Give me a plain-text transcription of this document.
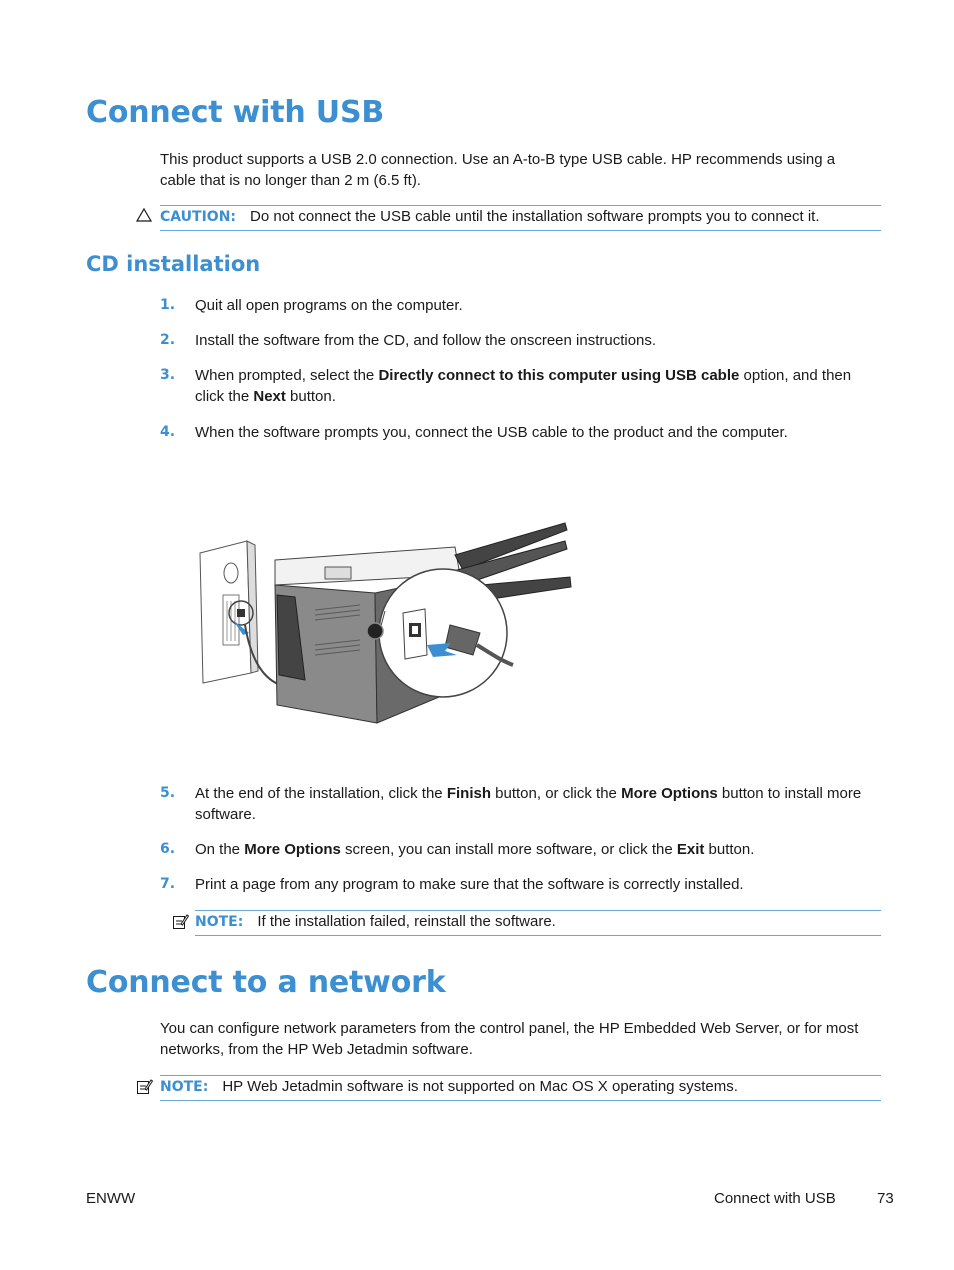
Connect with USB

This product supports a USB 2.0 connection. Use an A-to-B type USB cable. HP recommends using a cable that is no longer than 2 m (6.5 ft).

CAUTION: Do not connect the USB cable until the installation software prompts you to connect it.
CD installation
1. Quit all open programs on the computer.
2. Install the software from the CD, and follow the onscreen instructions.
3. When prompted, select the Directly connect to this computer using USB cable option, and then click the Next button.
4. When the software prompts you, connect the USB cable to the product and the computer.
5. At the end of the installation, click the Finish button, or click the More Options button to install more software.
6. On the More Options screen, you can install more software, or click the Exit button.
7. Print a page from any program to make sure that the software is correctly installed.
NOTE: If the installation failed, reinstall the software.
Connect to a network

You can configure network parameters from the control panel, the HP Embedded Web Server, or for most networks, from the HP Web Jetadmin software.

NOTE: HP Web Jetadmin software is not supported on Mac OS X operating systems.
ENWW	Connect with USB	73
